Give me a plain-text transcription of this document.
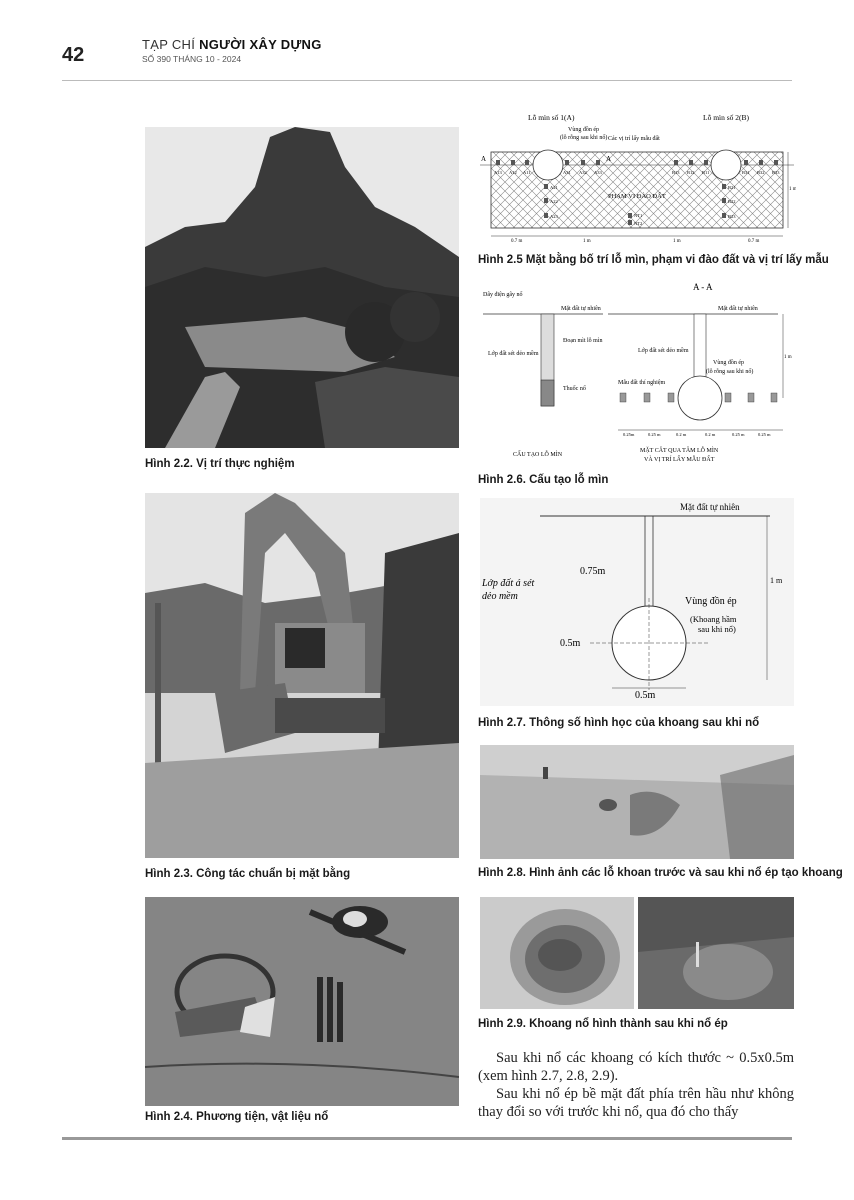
42	TẠP CHÍ NGƯỜI XÂY DỰNG
SỐ 390 THÁNG 10 - 2024
Hình 2.2. Vị trí thực nghiệm
Hình 2.3. Công tác chuẩn bị mặt bằng
Hình 2.4. Phương tiện, vật liệu nổ
Lỗ mìn số 1(A)	Lỗ mìn số 2(B)
Vùng đồn ép
(lỗ rỗng sau khi nổ) Các vị trí lấy mẫu đất
A	A
A13 A12 A11	A31 A32 A33	B13 B12 B11	B31 B32 B33
A21
A22
A23
B21
B22
B23
NT1
NT2
PHẠM VI ĐÀO ĐẤT
0.7 m	1 m	1 m	0.7 m
1 m
Hình 2.5 Mặt bằng bố trí lỗ mìn, phạm vi đào đất và vị trí lấy mẫu
A - A
Dây điện gây nổ
Mặt đất tự nhiên	Mặt đất tự nhiên
Đoạn mìt lỗ mìn
Lớp đất sét dẻo mềm
Thuốc nổ
CẤU TẠO LỖ MÌN
Lớp đất sét dẻo mềm
Vùng đồn ép
(lỗ rỗng sau khi nổ)
Mẫu đất thí nghiệm
1 m
0.25m	0.25 m	0.2 m	0.2 m	0.25 m	0.25 m
MẶT CẮT QUA TÂM LỖ MÌN
VÀ VỊ TRÍ LẤY MẪU ĐẤT
Hình 2.6. Cấu tạo lỗ mìn
Mặt đất tự nhiên
0.75m
Lớp đất á sét
dẻo mềm	Vùng đồn ép
(Khoang hầm
sau khi nổ)
0.5m
0.5m
1 m
Hình 2.7. Thông số hình học của khoang sau khi nổ
Hình 2.8. Hình ảnh các lỗ khoan trước và sau khi nổ ép tạo khoang
Hình 2.9. Khoang nổ hình thành sau khi nổ ép
Sau khi nổ các khoang có kích thước ~ 0.5x0.5m (xem hình 2.7, 2.8, 2.9).
Sau khi nổ ép bề mặt đất phía trên hầu như không thay đổi so với trước khi nổ, qua đó cho thấy
